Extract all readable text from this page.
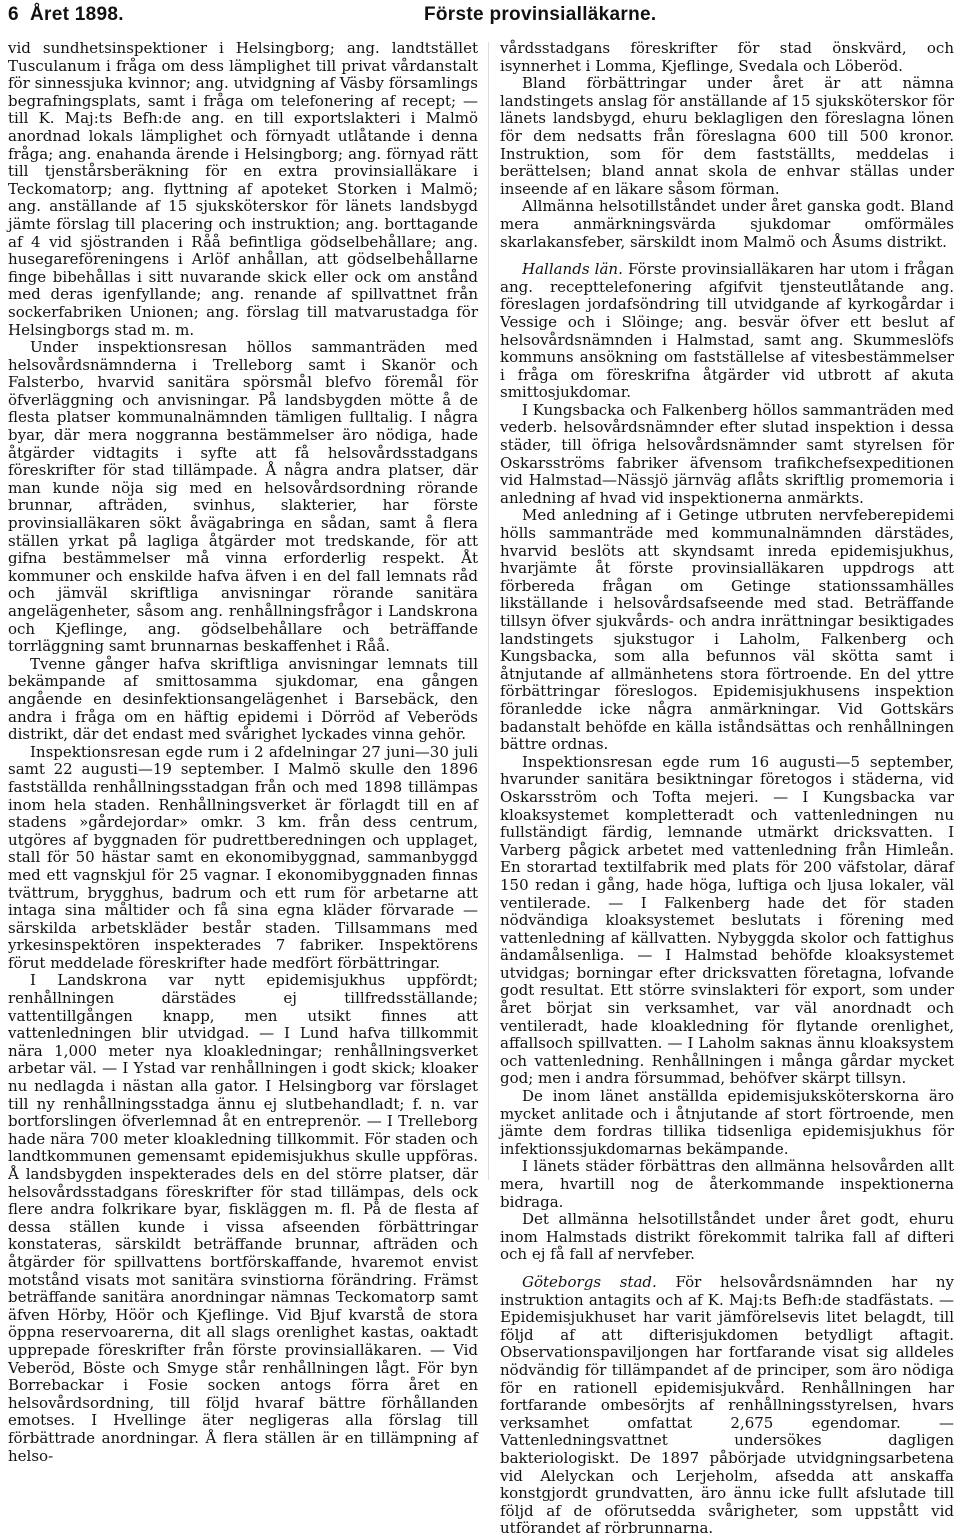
6 Året 1898.	Förste provinsialläkarne.

vid sundhetsinspektioner i Helsingborg; ang. landtstället Tusculanum i fråga om dess lämplighet till privat vårdanstalt för sinnessjuka kvinnor; ang. utvidgning af Väsby församlings begrafningsplats, samt i fråga om telefonering af recept; — till K. Maj:ts Befh:de ang. en till exportslakteri i Malmö anordnad lokals lämplighet och förnyadt utlåtande i denna fråga; ang. enahanda ärende i Helsingborg; ang. förnyad rätt till tjenstårsberäkning för en extra provinsialläkare i Teckomatorp; ang. flyttning af apoteket Storken i Malmö; ang. anställande af 15 sjuksköterskor för länets landsbygd jämte förslag till placering och instruktion; ang. borttagande af 4 vid sjöstranden i Råå befintliga gödselbehållare; ang. husegareföreningens i Arlöf anhållan, att gödselbehållarne finge bibehållas i sitt nuvarande skick eller ock om anstånd med deras igenfyllande; ang. renande af spillvattnet från sockerfabriken Unionen; ang. förslag till matvarustadga för Helsingborgs stad m. m.

Under inspektionsresan höllos sammanträden med helsovårdsnämnderna i Trelleborg samt i Skanör och Falsterbo, hvarvid sanitära spörsmål blefvo föremål för öfverläggning och anvisningar. På landsbygden mötte å de flesta platser kommunalnämnden tämligen fulltalig. I några byar, där mera noggranna bestämmelser äro nödiga, hade åtgärder vidtagits i syfte att få helsovårdsstadgans föreskrifter för stad tillämpade. Å några andra platser, där man kunde nöja sig med en helsovårdsordning rörande brunnar, afträden, svinhus, slakterier, har förste provinsialläkaren sökt åvägabringa en sådan, samt å flera ställen yrkat på lagliga åtgärder mot tredskande, för att gifna bestämmelser må vinna erforderlig respekt. Åt kommuner och enskilde hafva äfven i en del fall lemnats råd och jämväl skriftliga anvisningar rörande sanitära angelägenheter, såsom ang. renhållningsfrågor i Landskrona och Kjeflinge, ang. gödselbehållare och beträffande torrläggning samt brunnarnas beskaffenhet i Råå.

Tvenne gånger hafva skriftliga anvisningar lemnats till bekämpande af smittosamma sjukdomar, ena gången angående en desinfektionsangelägenhet i Barsebäck, den andra i fråga om en häftig epidemi i Dörröd af Veberöds distrikt, där det endast med svårighet lyckades vinna gehör.

Inspektionsresan egde rum i 2 afdelningar 27 juni—30 juli samt 22 augusti—19 september. I Malmö skulle den 1896 fastställda renhållningsstadgan från och med 1898 tillämpas inom hela staden. Renhållningsverket är förlagdt till en af stadens »gårdejordar» omkr. 3 km. från dess centrum, utgöres af byggnaden för pudrettberedningen och upplaget, stall för 50 hästar samt en ekonomibyggnad, sammanbyggd med ett vagnskjul för 25 vagnar. I ekonomibyggnaden finnas tvättrum, brygghus, badrum och ett rum för arbetarne att intaga sina måltider och få sina egna kläder förvarade — särskilda arbetskläder består staden. Tillsammans med yrkesinspektören inspekterades 7 fabriker. Inspektörens förut meddelade föreskrifter hade medfört förbättringar.

I Landskrona var nytt epidemisjukhus uppfördt; renhållningen därstädes ej tillfredsställande; vattentillgången knapp, men utsikt finnes att vattenledningen blir utvidgad. — I Lund hafva tillkommit nära 1,000 meter nya kloakledningar; renhållningsverket arbetar väl. — I Ystad var renhållningen i godt skick; kloaker nu nedlagda i nästan alla gator. I Helsingborg var förslaget till ny renhållningsstadga ännu ej slutbehandladt; f. n. var bortforslingen öfverlemnad åt en entreprenör. — I Trelleborg hade nära 700 meter kloakledning tillkommit. För staden och landtkommunen gemensamt epidemisjukhus skulle uppföras. Å landsbygden inspekterades dels en del större platser, där helsovårdsstadgans föreskrifter för stad tillämpas, dels ock flere andra folkrikare byar, fiskläggen m. fl. På de flesta af dessa ställen kunde i vissa afseenden förbättringar konstateras, särskildt beträffande brunnar, afträden och åtgärder för spillvattens bortförskaffande, hvaremot envist motstånd visats mot sanitära svinstiorna förändring. Främst beträffande sanitära anordningar nämnas Teckomatorp samt äfven Hörby, Höör och Kjeflinge. Vid Bjuf kvarstå de stora öppna reservoarerna, dit all slags orenlighet kastas, oaktadt upprepade föreskrifter från förste provinsialläkaren. — Vid Veberöd, Böste och Smyge står renhållningen lågt. För byn Borrebackar i Fosie socken antogs förra året en helsovårdsordning, till följd hvaraf bättre förhållanden emotses. I Hvellinge äter negligeras alla förslag till förbättrade anordningar. Å flera ställen är en tillämpning af helso-

vårdsstadgans föreskrifter för stad önskvärd, och isynnerhet i Lomma, Kjeflinge, Svedala och Löberöd.

Bland förbättringar under året är att nämna landstingets anslag för anställande af 15 sjuksköterskor för länets landsbygd, ehuru beklagligen den föreslagna lönen för dem nedsatts från föreslagna 600 till 500 kronor. Instruktion, som för dem fastställts, meddelas i berättelsen; bland annat skola de enhvar ställas under inseende af en läkare såsom förman.

Allmänna helsotillståndet under året ganska godt. Bland mera anmärkningsvärda sjukdomar omförmäles skarlakansfeber, särskildt inom Malmö och Åsums distrikt.

Hallands län. Förste provinsialläkaren har utom i frågan ang. recepttelefonering afgifvit tjensteutlåtande ang. föreslagen jordafsöndring till utvidgande af kyrkogårdar i Vessige och i Slöinge; ang. besvär öfver ett beslut af helsovårdsnämnden i Halmstad, samt ang. Skummeslöfs kommuns ansökning om fastställelse af vitesbestämmelser i fråga om föreskrifna åtgärder vid utbrott af akuta smittosjukdomar.

I Kungsbacka och Falkenberg höllos sammanträden med vederb. helsovårdsnämnder efter slutad inspektion i dessa städer, till öfriga helsovårdsnämnder samt styrelsen för Oskarsströms fabriker äfvensom trafikchefsexpeditionen vid Halmstad—Nässjö järnväg aflåts skriftlig promemoria i anledning af hvad vid inspektionerna anmärkts.

Med anledning af i Getinge utbruten nervfeberepidemi hölls sammanträde med kommunalnämnden därstädes, hvarvid beslöts att skyndsamt inreda epidemisjukhus, hvarjämte åt förste provinsialläkaren uppdrogs att förbereda frågan om Getinge stationssamhälles likställande i helsovårdsafseende med stad. Beträffande tillsyn öfver sjukvårds- och andra inrättningar besiktigades landstingets sjukstugor i Laholm, Falkenberg och Kungsbacka, som alla befunnos väl skötta samt i åtnjutande af allmänhetens stora förtroende. En del yttre förbättringar föreslogos. Epidemisjukhusens inspektion föranledde icke några anmärkningar. Vid Gottskärs badanstalt behöfde en källa iståndsättas och renhållningen bättre ordnas.

Inspektionsresan egde rum 16 augusti—5 september, hvarunder sanitära besiktningar företogos i städerna, vid Oskarsström och Tofta mejeri. — I Kungsbacka var kloaksystemet kompletteradt och vattenledningen nu fullständigt färdig, lemnande utmärkt dricksvatten. I Varberg pågick arbetet med vattenledning från Himleån. En storartad textilfabrik med plats för 200 väfstolar, däraf 150 redan i gång, hade höga, luftiga och ljusa lokaler, väl ventilerade. — I Falkenberg hade det för staden nödvändiga kloaksystemet beslutats i förening med vattenledning af källvatten. Nybyggda skolor och fattighus ändamålsenliga. — I Halmstad behöfde kloaksystemet utvidgas; borningar efter dricksvatten företagna, lofvande godt resultat. Ett större svinslakteri för export, som under året börjat sin verksamhet, var väl anordnadt och ventileradt, hade kloakledning för flytande orenlighet, affallsoch spillvatten. — I Laholm saknas ännu kloaksystem och vattenledning. Renhållningen i många gårdar mycket god; men i andra försummad, behöfver skärpt tillsyn.

De inom länet anställda epidemisjuksköterskorna äro mycket anlitade och i åtnjutande af stort förtroende, men jämte dem fordras tillika tidsenliga epidemisjukhus för infektionssjukdomarnas bekämpande.

I länets städer förbättras den allmänna helsovården allt mera, hvartill nog de återkommande inspektionerna bidraga.

Det allmänna helsotillståndet under året godt, ehuru inom Halmstads distrikt förekommit talrika fall af difteri och ej få fall af nervfeber.

Göteborgs stad. För helsovårdsnämnden har ny instruktion antagits och af K. Maj:ts Befh:de stadfästats. — Epidemisjukhuset har varit jämförelsevis litet belagdt, till följd af att difterisjukdomen betydligt aftagit. Observationspaviljongen har fortfarande visat sig alldeles nödvändig för tillämpandet af de principer, som äro nödiga för en rationell epidemisjukvård. Renhållningen har fortfarande ombesörjts af renhållningsstyrelsen, hvars verksamhet omfattat 2,675 egendomar. — Vattenledningsvattnet undersökes dagligen bakteriologiskt. De 1897 påbörjade utvidgningsarbetena vid Alelyckan och Lerjeholm, afsedda att anskaffa konstgjordt grundvatten, äro ännu icke fullt afslutade till följd af de oförutsedda svårigheter, som uppstått vid utförandet af rörbrunnarna.
